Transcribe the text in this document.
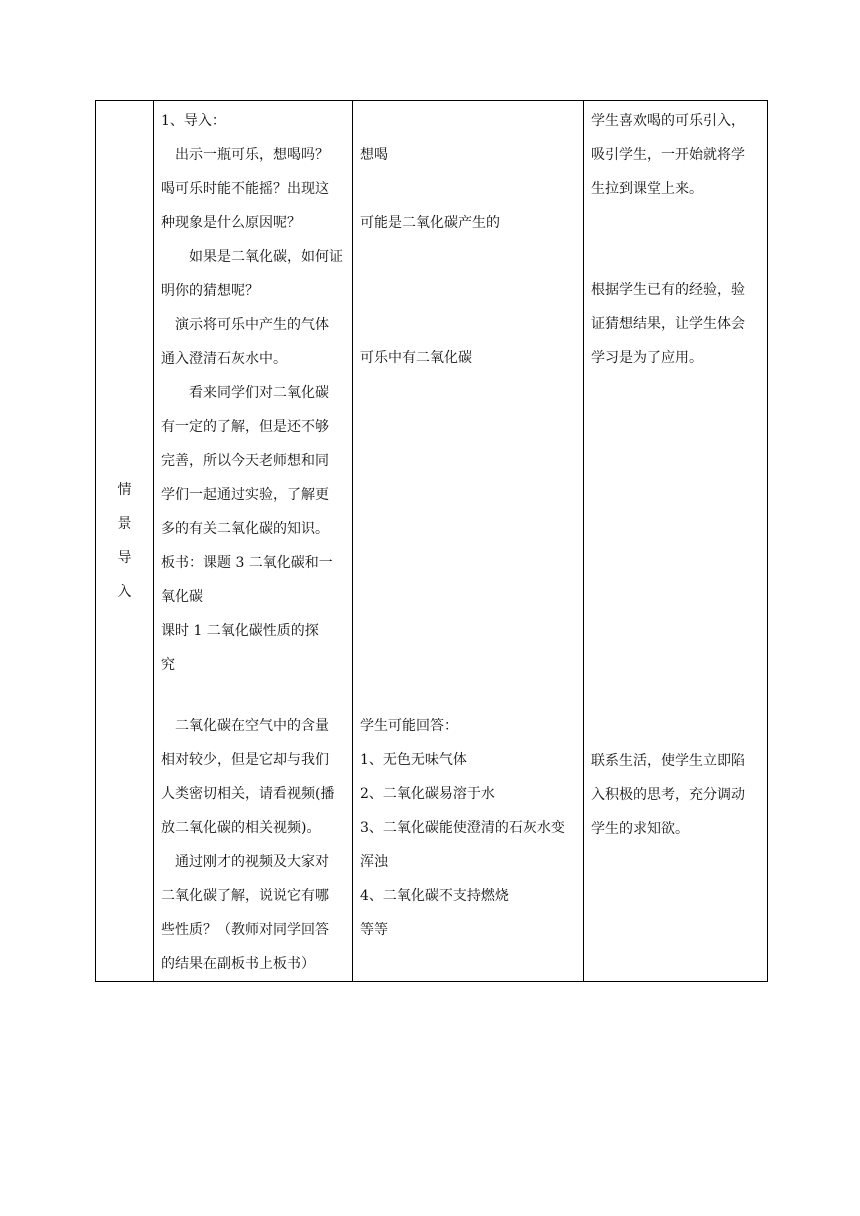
情
景
导
入

1、导入：
出示一瓶可乐，想喝吗？
喝可乐时能不能摇？出现这
种现象是什么原因呢？
如果是二氧化碳，如何证
明你的猜想呢？
演示将可乐中产生的气体
通入澄清石灰水中。
看来同学们对二氧化碳
有一定的了解，但是还不够
完善，所以今天老师想和同
学们一起通过实验，了解更
多的有关二氧化碳的知识。
板书：课题 3 二氧化碳和一
氧化碳
课时 1 二氧化碳性质的探
究
二氧化碳在空气中的含量
相对较少，但是它却与我们
人类密切相关，请看视频(播
放二氧化碳的相关视频)。
通过刚才的视频及大家对
二氧化碳了解，说说它有哪
些性质？（教师对同学回答
的结果在副板书上板书）

想喝
可能是二氧化碳产生的
可乐中有二氧化碳
学生可能回答：
1、无色无味气体
2、二氧化碳易溶于水
3、二氧化碳能使澄清的石灰水变
浑浊
4、二氧化碳不支持燃烧
等等

学生喜欢喝的可乐引入，
吸引学生，一开始就将学
生拉到课堂上来。
根据学生已有的经验，验
证猜想结果，让学生体会
学习是为了应用。
联系生活，使学生立即陷
入积极的思考，充分调动
学生的求知欲。
